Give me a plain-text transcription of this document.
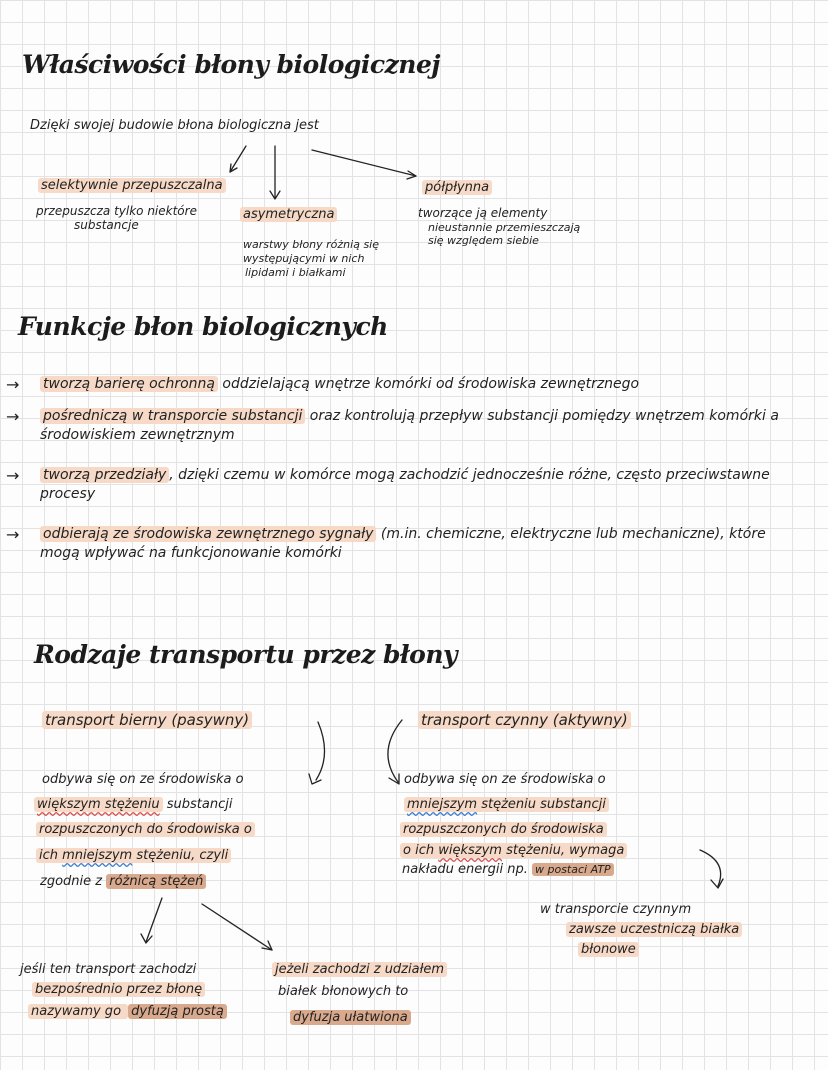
Właściwości błony biologicznej
Dzięki swojej budowie błona biologiczna jest
selektywnie przepuszczalna
przepuszcza tylko niektóre
substancje
asymetryczna
warstwy błony różnią się
występującymi w nich
lipidami i białkami
półpłynna
tworzące ją elementy
nieustannie przemieszczają
się względem siebie
Funkcje błon biologicznych
→ tworzą barierę ochronną oddzielającą wnętrze komórki od środowiska zewnętrznego
→ pośredniczą w transporcie substancji oraz kontrolują przepływ substancji pomiędzy wnętrzem komórki a środowiskiem zewnętrznym
→ tworzą przedziały , dzięki czemu w komórce mogą zachodzić jednocześnie różne, często przeciwstawne procesy
→ odbierają ze środowiska zewnętrznego sygnały (m.in. chemiczne, elektryczne lub mechaniczne), które mogą wpływać na funkcjonowanie komórki
Rodzaje transportu przez błony
transport bierny (pasywny)
odbywa się on ze środowiska o
większym stężeniu substancji
rozpuszczonych do środowiska o
ich mniejszym stężeniu, czyli
zgodnie z różnicą stężeń
transport czynny (aktywny)
odbywa się on ze środowiska o
mniejszym stężeniu substancji
rozpuszczonych do środowiska
o ich większym stężeniu, wymaga
nakładu energii np. w postaci ATP
w transporcie czynnym
zawsze uczestniczą białka
błonowe
jeśli ten transport zachodzi
bezpośrednio przez błonę
nazywamy go dyfuzją prostą
jeżeli zachodzi z udziałem
białek błonowych to
dyfuzja ułatwiona
